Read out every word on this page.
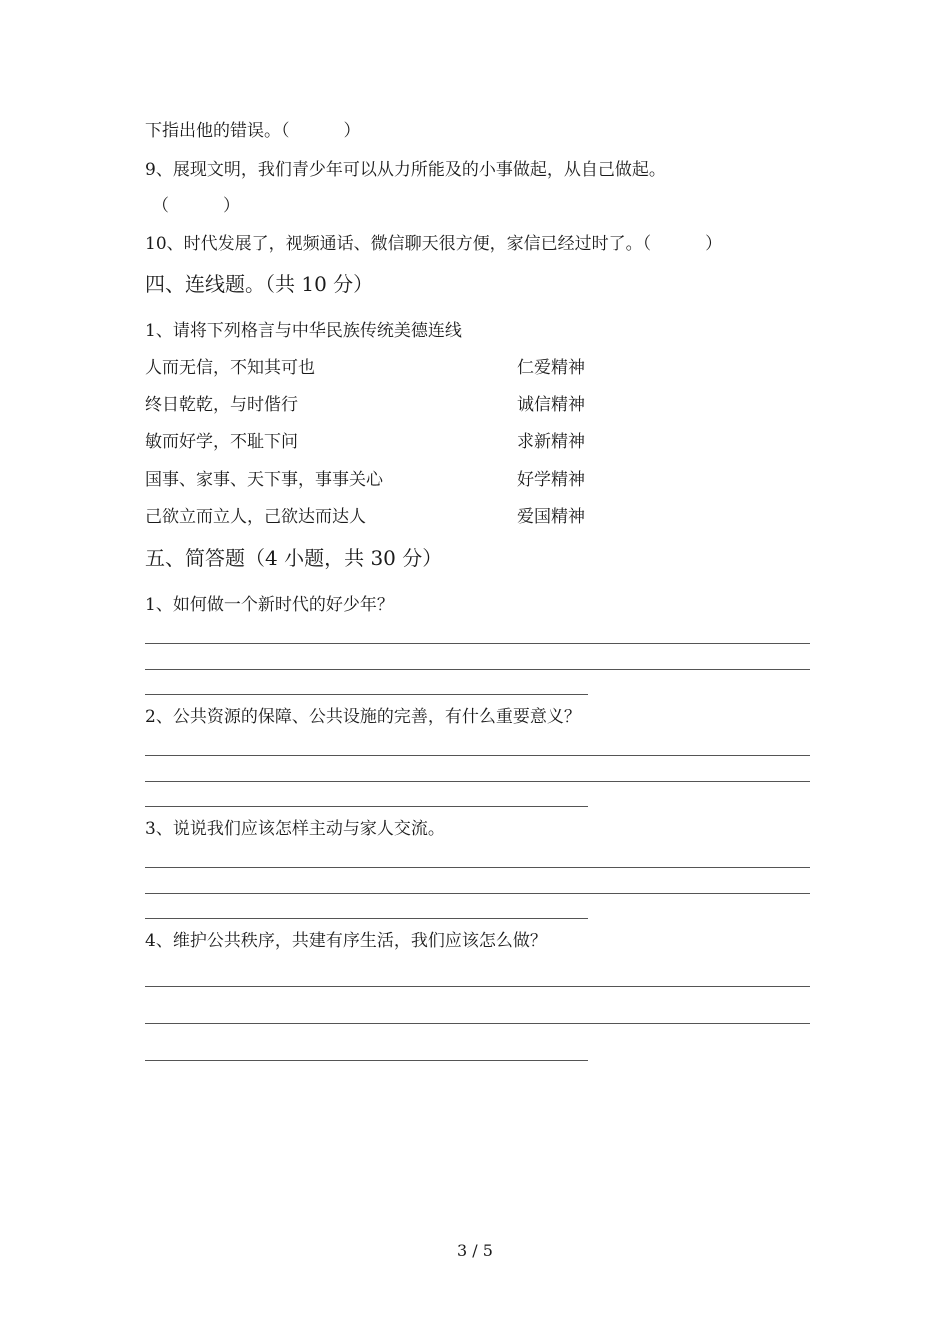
下指出他的错误。（          ）
9、展现文明，我们青少年可以从力所能及的小事做起，从自己做起。
（          ）
10、时代发展了，视频通话、微信聊天很方便，家信已经过时了。（          ）
四、连线题。（共 10 分）
1、请将下列格言与中华民族传统美德连线
人而无信，不知其可也	仁爱精神
终日乾乾，与时偕行	诚信精神
敏而好学，不耻下问	求新精神
国事、家事、天下事，事事关心	好学精神
己欲立而立人，己欲达而达人	爱国精神
五、简答题（4 小题，共 30 分）
1、如何做一个新时代的好少年？
2、公共资源的保障、公共设施的完善，有什么重要意义？
3、说说我们应该怎样主动与家人交流。
4、维护公共秩序，共建有序生活，我们应该怎么做？
3 / 5
